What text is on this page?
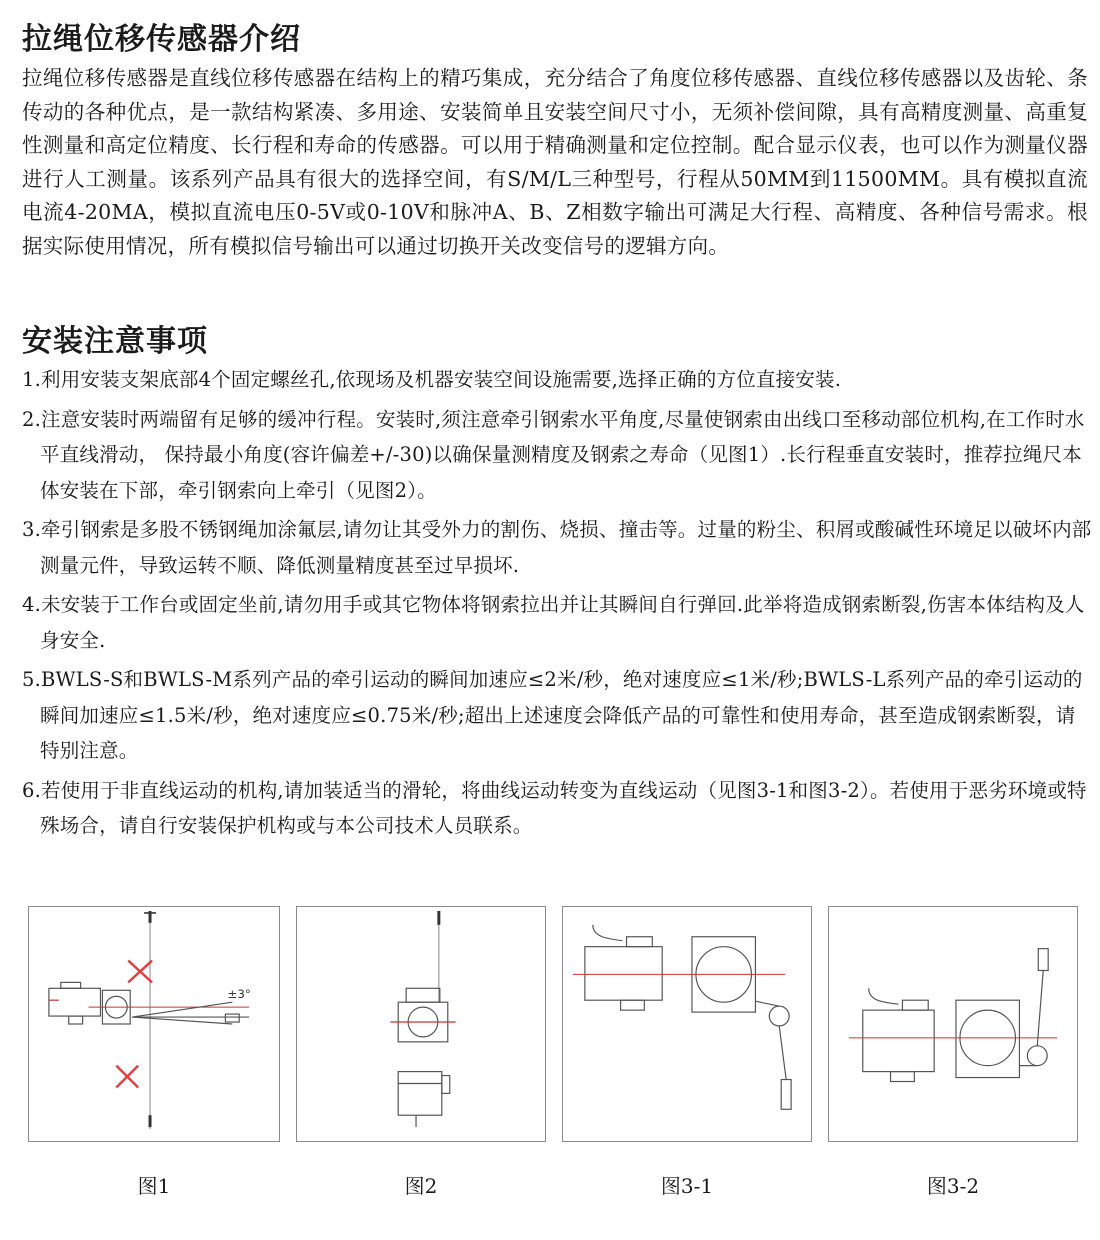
拉绳位移传感器介绍

拉绳位移传感器是直线位移传感器在结构上的精巧集成，充分结合了角度位移传感器、直线位移传感器以及齿轮、条传动的各种优点，是一款结构紧凑、多用途、安装简单且安装空间尺寸小，无须补偿间隙，具有高精度测量、高重复性测量和高定位精度、长行程和寿命的传感器。可以用于精确测量和定位控制。配合显示仪表，也可以作为测量仪器进行人工测量。该系列产品具有很大的选择空间，有S/M/L三种型号，行程从50MM到11500MM。具有模拟直流电流4-20MA，模拟直流电压0-5V或0-10V和脉冲A、B、Z相数字输出可满足大行程、高精度、各种信号需求。根据实际使用情况，所有模拟信号输出可以通过切换开关改变信号的逻辑方向。

安装注意事项
1.利用安装支架底部4个固定螺丝孔,依现场及机器安装空间设施需要,选择正确的方位直接安装.
2.注意安装时两端留有足够的缓冲行程。安装时,须注意牵引钢索水平角度,尽量使钢索由出线口至移动部位机构,在工作时水平直线滑动， 保持最小角度(容许偏差+/-30)以确保量测精度及钢索之寿命（见图1）.长行程垂直安装时，推荐拉绳尺本体安装在下部，牵引钢索向上牵引（见图2）。
3.牵引钢索是多股不锈钢绳加涂氟层,请勿让其受外力的割伤、烧损、撞击等。过量的粉尘、积屑或酸碱性环境足以破坏内部测量元件，导致运转不顺、降低测量精度甚至过早损坏.
4.未安装于工作台或固定坐前,请勿用手或其它物体将钢索拉出并让其瞬间自行弹回.此举将造成钢索断裂,伤害本体结构及人身安全.
5.BWLS-S和BWLS-M系列产品的牵引运动的瞬间加速应≤2米/秒，绝对速度应≤1米/秒;BWLS-L系列产品的牵引运动的瞬间加速应≤1.5米/秒，绝对速度应≤0.75米/秒;超出上述速度会降低产品的可靠性和使用寿命，甚至造成钢索断裂，请特别注意。
6.若使用于非直线运动的机构,请加装适当的滑轮，将曲线运动转变为直线运动（见图3-1和图3-2）。若使用于恶劣环境或特殊场合，请自行安装保护机构或与本公司技术人员联系。
±3°
图1	图2	图3-1	图3-2
